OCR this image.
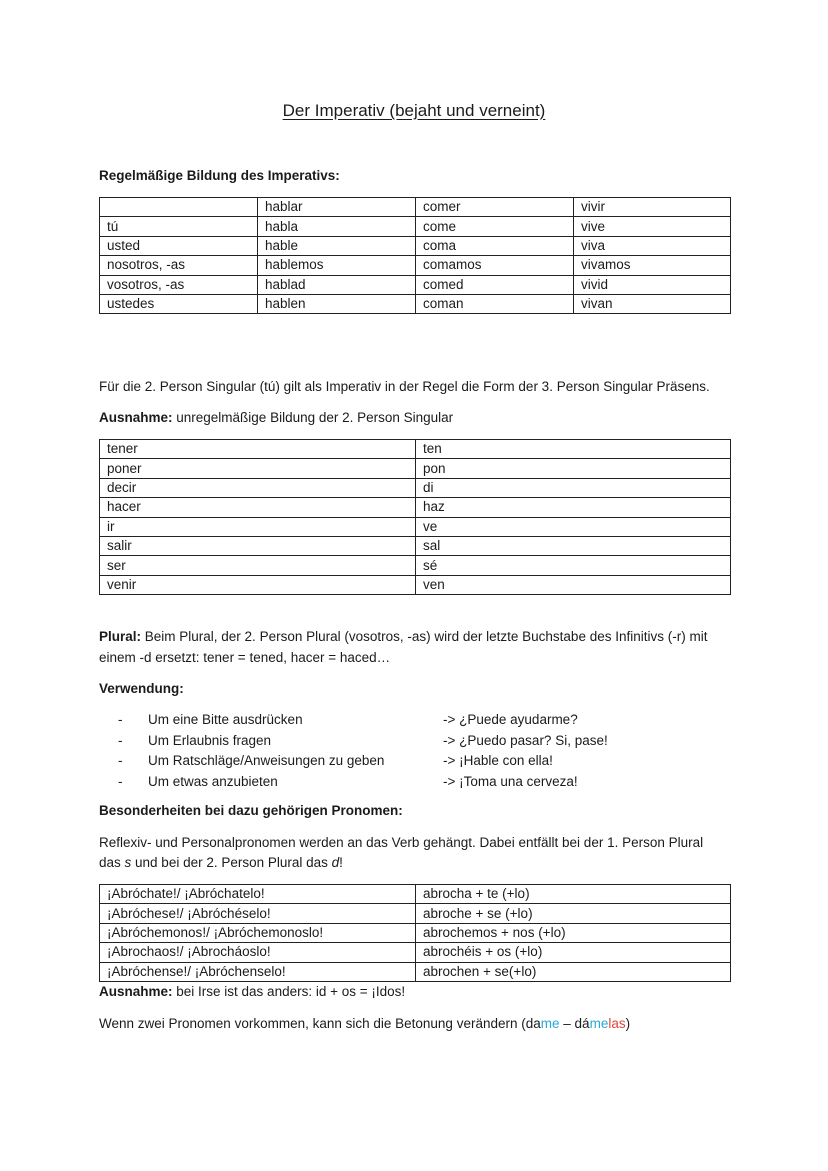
Der Imperativ (bejaht und verneint)
Regelmäßige Bildung des Imperativs:
	hablar	comer	vivir
tú	habla	come	vive
usted	hable	coma	viva
nosotros, -as	hablemos	comamos	vivamos
vosotros, -as	hablad	comed	vivid
ustedes	hablen	coman	vivan
Für die 2. Person Singular (tú) gilt als Imperativ in der Regel die Form der 3. Person Singular Präsens.
Ausnahme: unregelmäßige Bildung der 2. Person Singular
tener	ten
poner	pon
decir	di
hacer	haz
ir	ve
salir	sal
ser	sé
venir	ven
Plural: Beim Plural, der 2. Person Plural (vosotros, -as) wird der letzte Buchstabe des Infinitivs (-r) mit
einem -d ersetzt: tener = tened, hacer = haced…
Verwendung:
- Um eine Bitte ausdrücken	-> ¿Puede ayudarme?
- Um Erlaubnis fragen	-> ¿Puedo pasar? Si, pase!
- Um Ratschläge/Anweisungen zu geben	-> ¡Hable con ella!
- Um etwas anzubieten	-> ¡Toma una cerveza!
Besonderheiten bei dazu gehörigen Pronomen:
Reflexiv- und Personalpronomen werden an das Verb gehängt. Dabei entfällt bei der 1. Person Plural
das s und bei der 2. Person Plural das d!
¡Abróchate!/ ¡Abróchatelo!	abrocha + te (+lo)
¡Abróchese!/ ¡Abróchéselo!	abroche + se (+lo)
¡Abróchemonos!/ ¡Abróchemonoslo!	abrochemos + nos (+lo)
¡Abrochaos!/ ¡Abrocháoslo!	abrochéis + os (+lo)
¡Abróchense!/ ¡Abróchenselo!	abrochen + se(+lo)
Ausnahme: bei Irse ist das anders: id + os = ¡Idos!
Wenn zwei Pronomen vorkommen, kann sich die Betonung verändern (dame – dámelas)
